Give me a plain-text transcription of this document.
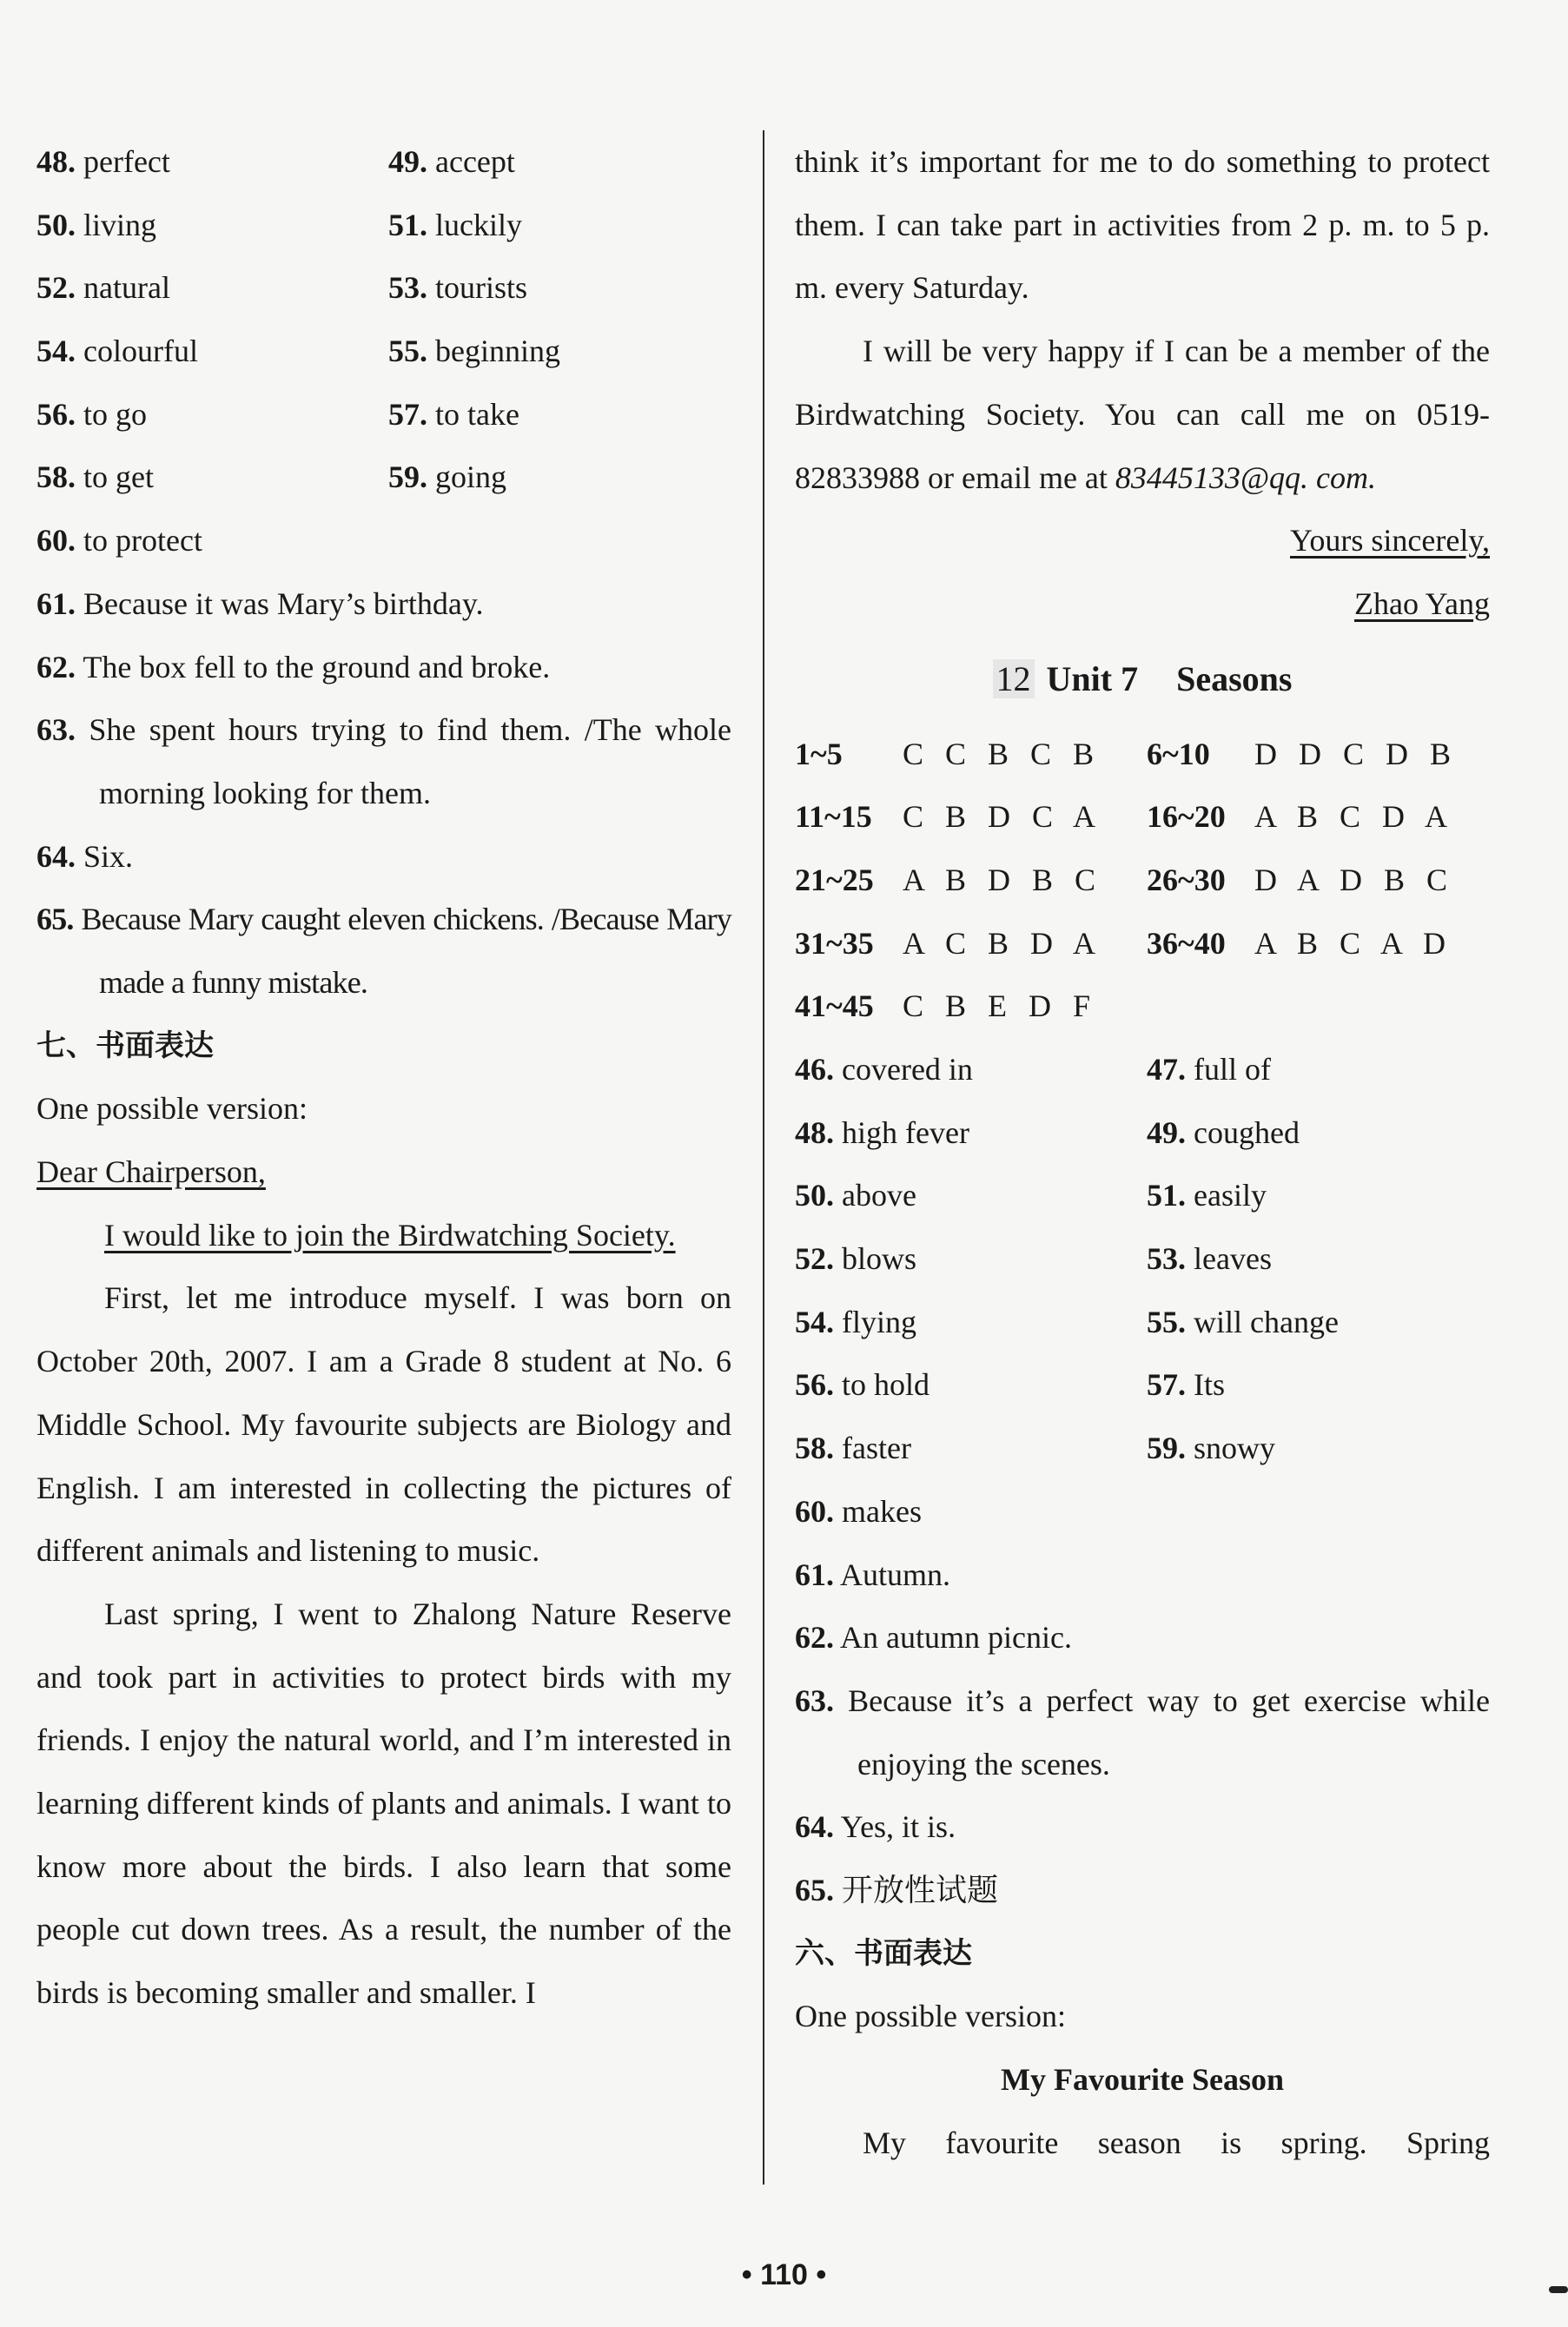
48. perfect	49. accept
50. living	51. luckily
52. natural	53. tourists
54. colourful	55. beginning
56. to go	57. to take
58. to get	59. going
60. to protect
61. Because it was Mary’s birthday.
62. The box fell to the ground and broke.
63. She spent hours trying to find them. /The whole morning looking for them.
64. Six.
65. Because Mary caught eleven chickens. /Because Mary made a funny mistake.
七、书面表达
One possible version:
Dear Chairperson,
I would like to join the Birdwatching Society.
First, let me introduce myself. I was born on October 20th, 2007. I am a Grade 8 student at No. 6 Middle School. My favourite subjects are Biology and English. I am interested in collecting the pictures of different animals and listening to music.
Last spring, I went to Zhalong Nature Reserve and took part in activities to protect birds with my friends. I enjoy the natural world, and I’m interested in learning different kinds of plants and animals. I want to know more about the birds. I also learn that some people cut down trees. As a result, the number of the birds is becoming smaller and smaller. I
think it’s important for me to do something to protect them. I can take part in activities from 2 p. m. to 5 p. m. every Saturday.
I will be very happy if I can be a member of the Birdwatching Society. You can call me on 0519-82833988 or email me at 83445133@qq. com.
Yours sincerely,
Zhao Yang
12 Unit 7 Seasons
1~5 C C B C B	6~10 D D C D B
11~15 C B D C A	16~20 A B C D A
21~25 A B D B C	26~30 D A D B C
31~35 A C B D A	36~40 A B C A D
41~45 C B E D F
46. covered in	47. full of
48. high fever	49. coughed
50. above	51. easily
52. blows	53. leaves
54. flying	55. will change
56. to hold	57. Its
58. faster	59. snowy
60. makes
61. Autumn.
62. An autumn picnic.
63. Because it’s a perfect way to get exercise while enjoying the scenes.
64. Yes, it is.
65. 开放性试题
六、书面表达
One possible version:
My Favourite Season
My favourite season is spring. Spring
• 110 •
